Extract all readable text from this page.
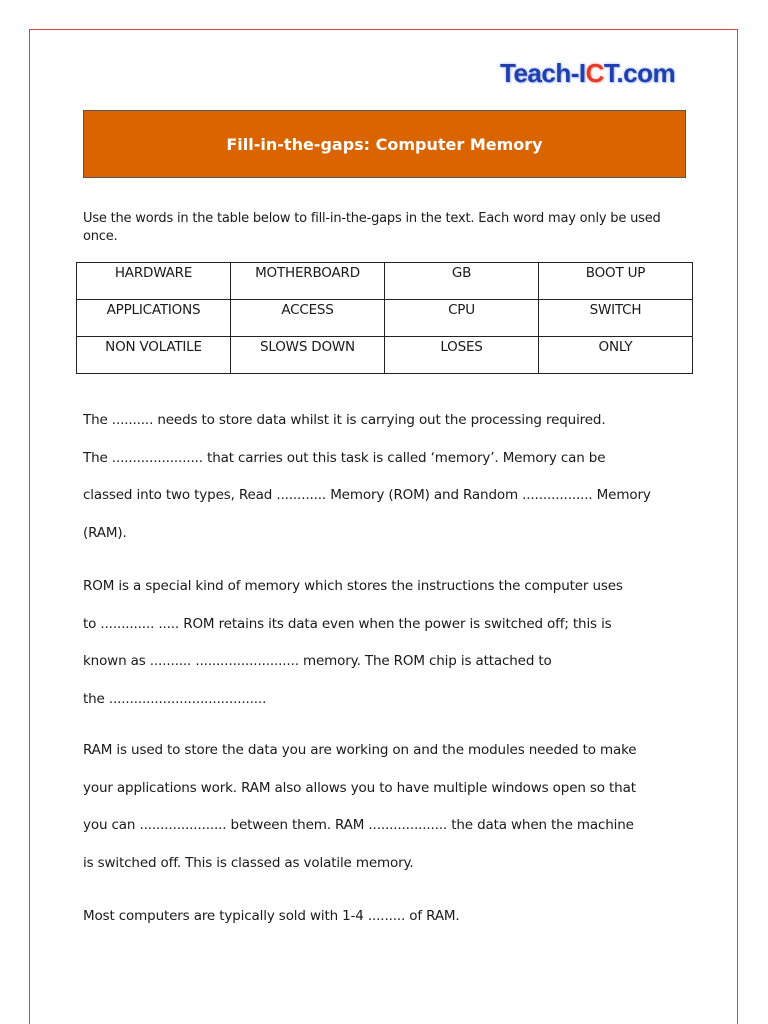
Teach-ICT.com
Fill-in-the-gaps: Computer Memory
Use the words in the table below to fill-in-the-gaps in the text. Each word may only be used once.
HARDWARE	MOTHERBOARD	GB	BOOT UP
APPLICATIONS	ACCESS	CPU	SWITCH
NON VOLATILE	SLOWS DOWN	LOSES	ONLY
The .......... needs to store data whilst it is carrying out the processing required.
The ...................... that carries out this task is called ‘memory’. Memory can be
classed into two types, Read ............ Memory (ROM) and Random ................. Memory
(RAM).
ROM is a special kind of memory which stores the instructions the computer uses
to ............. ..... ROM retains its data even when the power is switched off; this is
known as .......... ......................... memory. The ROM chip is attached to
the ......................................
RAM is used to store the data you are working on and the modules needed to make
your applications work. RAM also allows you to have multiple windows open so that
you can ..................... between them. RAM ................... the data when the machine
is switched off. This is classed as volatile memory.
Most computers are typically sold with 1-4 ......... of RAM.
